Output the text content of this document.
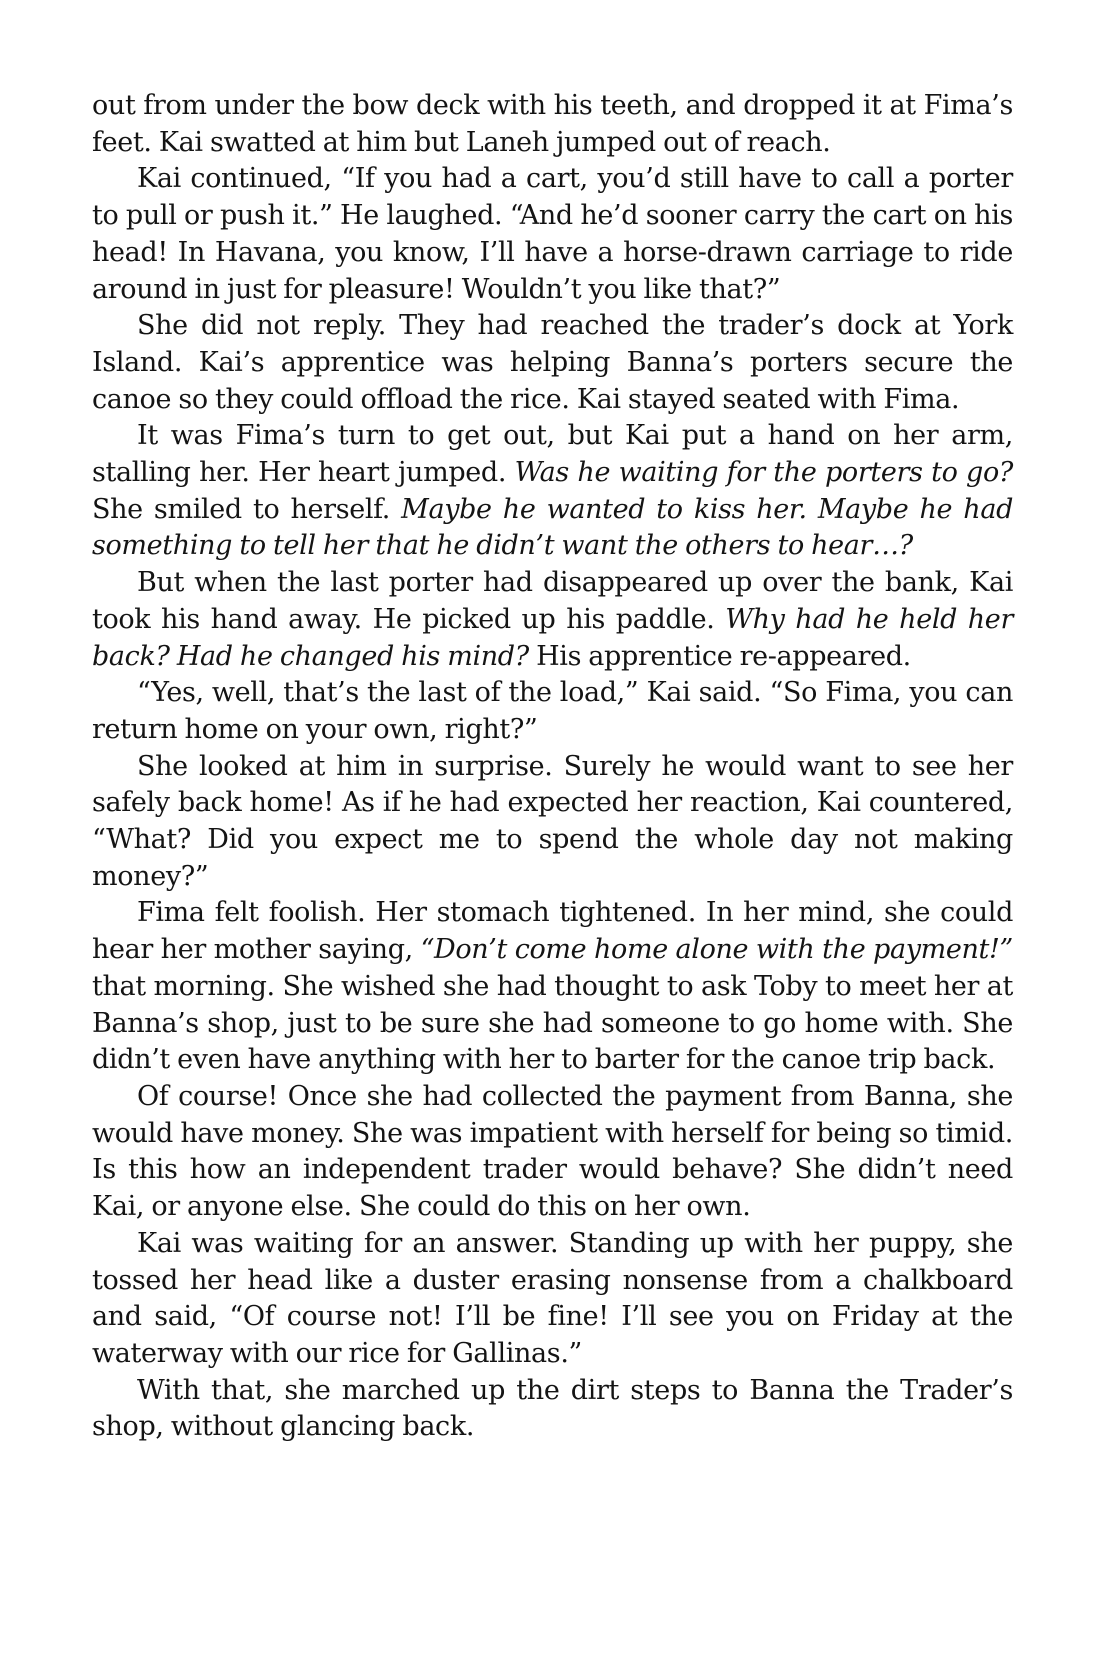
out from under the bow deck with his teeth, and dropped it at Fima’s feet. Kai swatted at him but Laneh jumped out of reach.

Kai continued, “If you had a cart, you’d still have to call a porter to pull or push it.” He laughed. “And he’d sooner carry the cart on his head! In Havana, you know, I’ll have a horse-drawn carriage to ride around in just for pleasure! Wouldn’t you like that?”

She did not reply. They had reached the trader’s dock at York Island. Kai’s apprentice was helping Banna’s porters secure the canoe so they could offload the rice. Kai stayed seated with Fima.

It was Fima’s turn to get out, but Kai put a hand on her arm, stalling her. Her heart jumped. Was he waiting for the porters to go? She smiled to herself. Maybe he wanted to kiss her. Maybe he had something to tell her that he didn’t want the others to hear…?

But when the last porter had disappeared up over the bank, Kai took his hand away. He picked up his paddle. Why had he held her back? Had he changed his mind? His apprentice re-appeared.

“Yes, well, that’s the last of the load,” Kai said. “So Fima, you can return home on your own, right?”

She looked at him in surprise. Surely he would want to see her safely back home! As if he had expected her reaction, Kai countered, “What? Did you expect me to spend the whole day not making money?”

Fima felt foolish. Her stomach tightened. In her mind, she could hear her mother saying, “Don’t come home alone with the payment!” that morning. She wished she had thought to ask Toby to meet her at Banna’s shop, just to be sure she had someone to go home with. She didn’t even have anything with her to barter for the canoe trip back.

Of course! Once she had collected the payment from Banna, she would have money. She was impatient with herself for being so timid. Is this how an independent trader would behave? She didn’t need Kai, or anyone else. She could do this on her own.

Kai was waiting for an answer. Standing up with her puppy, she tossed her head like a duster erasing nonsense from a chalkboard and said, “Of course not! I’ll be fine! I’ll see you on Friday at the waterway with our rice for Gallinas.”

With that, she marched up the dirt steps to Banna the Trader’s shop, without glancing back.
